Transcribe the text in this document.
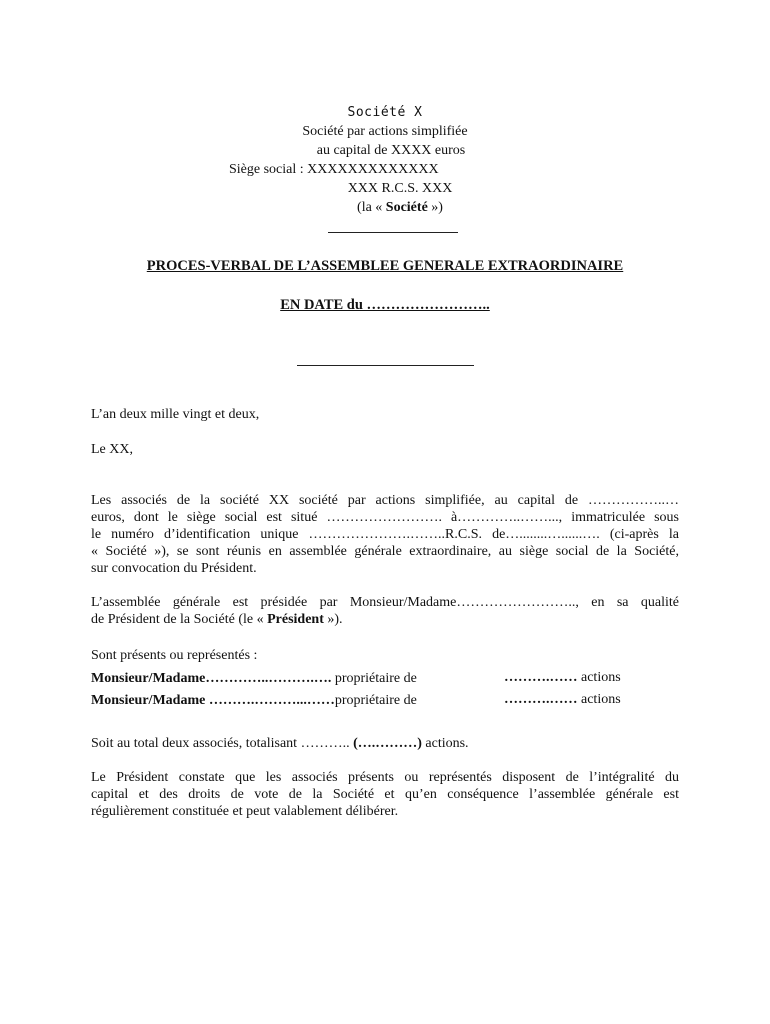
Société X
Société par actions simplifiée
au capital de XXXX euros
Siège social : XXXXXXXXXXXXX
XXX R.C.S. XXX
(la « Société »)
PROCES-VERBAL DE L’ASSEMBLEE GENERALE EXTRAORDINAIRE
EN DATE du ……………………..
L’an deux mille vingt et deux,
Le XX,
Les associés de la société XX société par actions simplifiée, au capital de ……………..…
euros, dont le siège social est situé ……………………. à…………..……..., immatriculée sous
le numéro d’identification unique ………………….……..R.C.S. de…........…......…. (ci-après la
« Société »), se sont réunis en assemblée générale extraordinaire, au siège social de la Société,
sur convocation du Président.
L’assemblée générale est présidée par Monsieur/Madame…………………….., en sa qualité
de Président de la Société (le « Président »).
Sont présents ou représentés :
Monsieur/Madame…………..……….…. propriétaire de	……….…… actions
Monsieur/Madame ……….………...……propriétaire de	……….…… actions
Soit au total deux associés, totalisant ……….. (….………) actions.
Le Président constate que les associés présents ou représentés disposent de l’intégralité du
capital et des droits de vote de la Société et qu’en conséquence l’assemblée générale est
régulièrement constituée et peut valablement délibérer.
